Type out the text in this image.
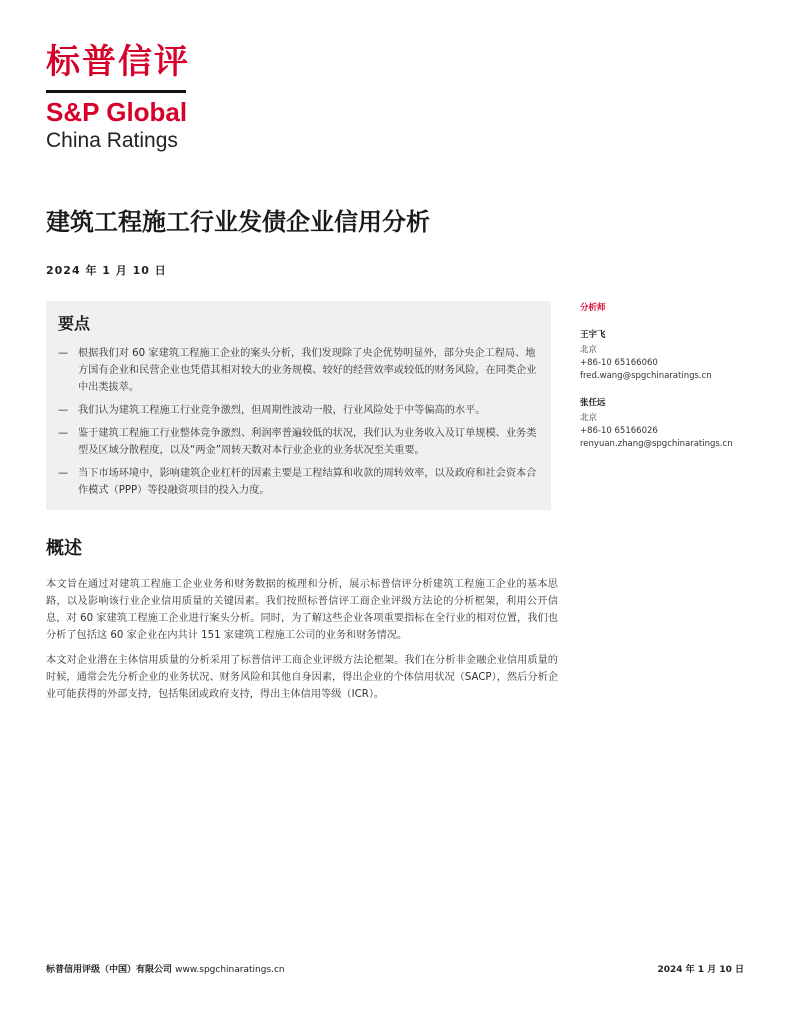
标普信评
S&P Global
China Ratings
建筑工程施工行业发债企业信用分析
2024 年 1 月 10 日
要点
— 根据我们对 60 家建筑工程施工企业的案头分析，我们发现除了央企优势明显外，部分央企工程局、地方国有企业和民营企业也凭借其相对较大的业务规模、较好的经营效率或较低的财务风险，在同类企业中出类拔萃。
— 我们认为建筑工程施工行业竞争激烈，但周期性波动一般，行业风险处于中等偏高的水平。
— 鉴于建筑工程施工行业整体竞争激烈、利润率普遍较低的状况，我们认为业务收入及订单规模、业务类型及区域分散程度，以及“两金”周转天数对本行业企业的业务状况至关重要。
— 当下市场环境中，影响建筑企业杠杆的因素主要是工程结算和收款的周转效率，以及政府和社会资本合作模式（PPP）等投融资项目的投入力度。
概述

本文旨在通过对建筑工程施工企业业务和财务数据的梳理和分析，展示标普信评分析建筑工程施工企业的基本思路，以及影响该行业企业信用质量的关键因素。我们按照标普信评工商企业评级方法论的分析框架，利用公开信息，对 60 家建筑工程施工企业进行案头分析。同时，为了解这些企业各项重要指标在全行业的相对位置，我们也分析了包括这 60 家企业在内共计 151 家建筑工程施工公司的业务和财务情况。

本文对企业潜在主体信用质量的分析采用了标普信评工商企业评级方法论框架。我们在分析非金融企业信用质量的时候，通常会先分析企业的业务状况、财务风险和其他自身因素，得出企业的个体信用状况（SACP），然后分析企业可能获得的外部支持，包括集团或政府支持，得出主体信用等级（ICR）。

分析师
王宇飞
北京
+86-10 65166060
fred.wang@spgchinaratings.cn
张任远
北京
+86-10 65166026
renyuan.zhang@spgchinaratings.cn
标普信用评级（中国）有限公司 www.spgchinaratings.cn	2024 年 1 月 10 日
